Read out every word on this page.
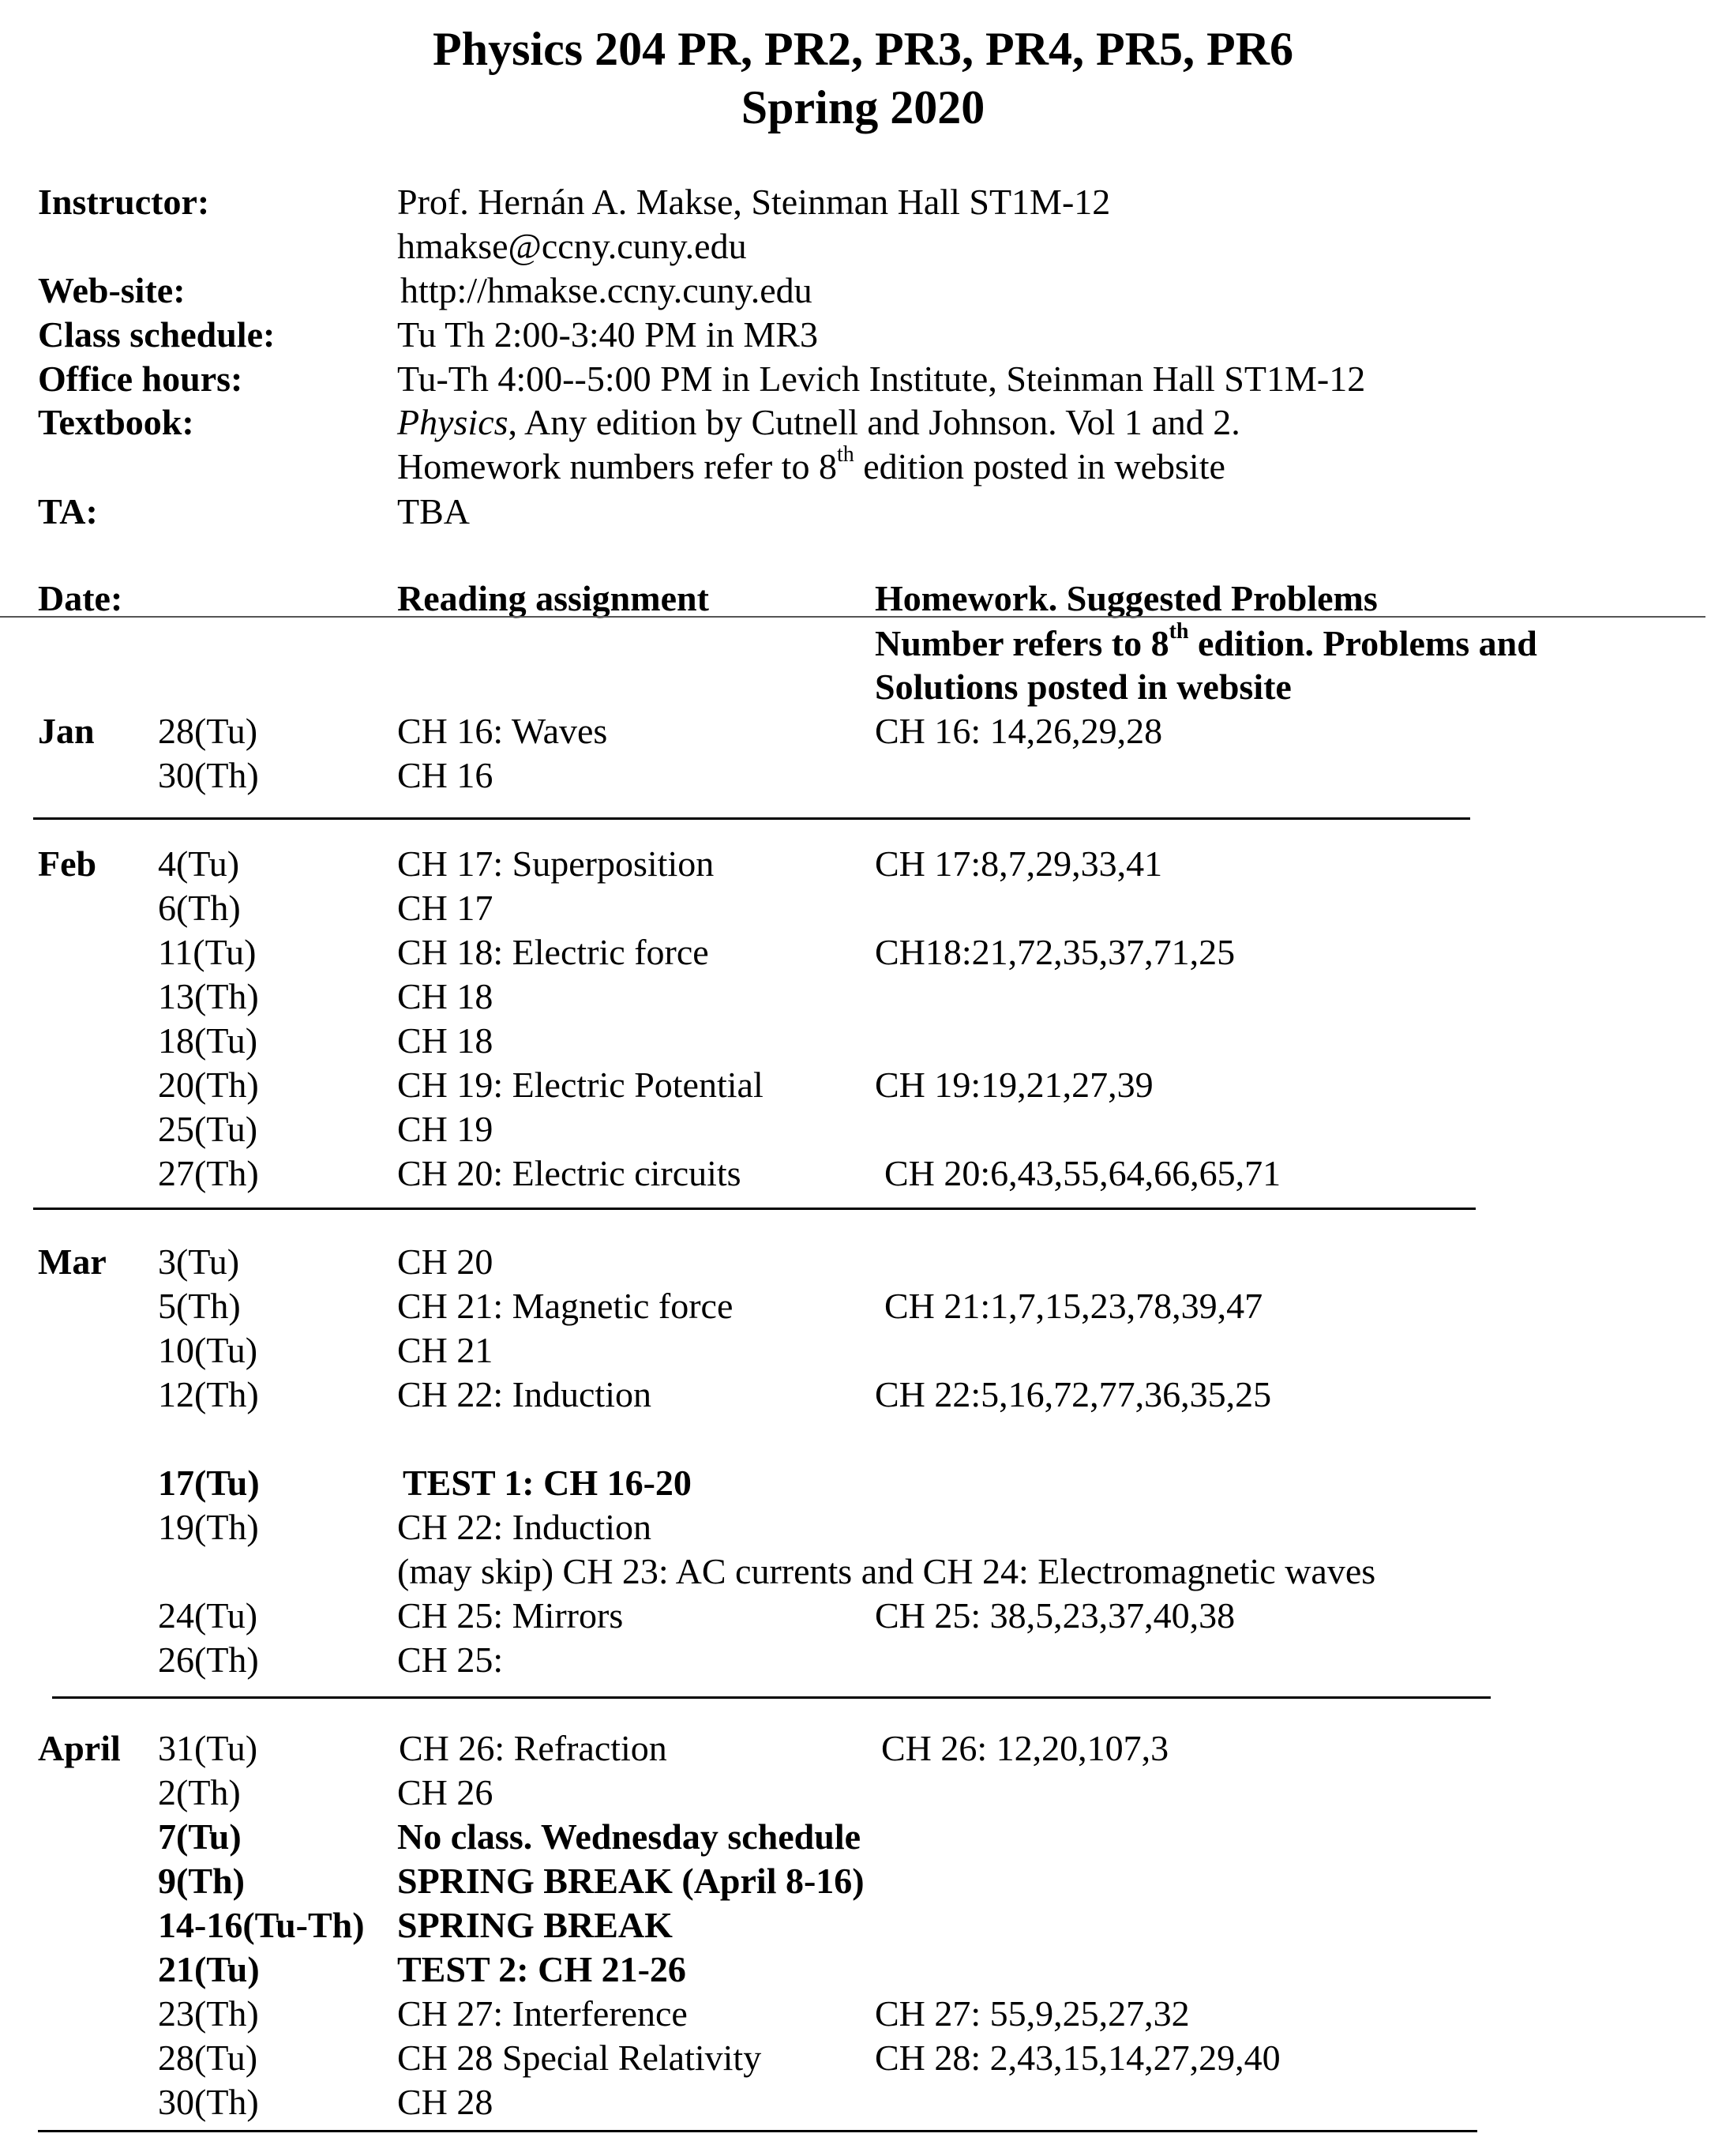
Physics 204 PR, PR2, PR3, PR4, PR5, PR6
Spring 2020
Instructor:	Prof. Hernán A. Makse, Steinman Hall ST1M-12
hmakse@ccny.cuny.edu
Web-site:	http://hmakse.ccny.cuny.edu
Class schedule:	Tu Th 2:00-3:40 PM in MR3
Office hours:	Tu-Th 4:00--5:00 PM in Levich Institute, Steinman Hall ST1M-12
Textbook:	Physics, Any edition by Cutnell and Johnson. Vol 1 and 2.
Homework numbers refer to 8th edition posted in website
TA:	TBA
Date:	Reading assignment	Homework. Suggested Problems
Number refers to 8th edition. Problems and
Solutions posted in website
Jan 28(Tu)	CH 16: Waves	CH 16: 14,26,29,28
30(Th)	CH 16
Feb 4(Tu)	CH 17: Superposition	CH 17:8,7,29,33,41
6(Th)	CH 17
11(Tu)	CH 18: Electric force	CH18:21,72,35,37,71,25
13(Th)	CH 18
18(Tu)	CH 18
20(Th)	CH 19: Electric Potential	CH 19:19,21,27,39
25(Tu)	CH 19
27(Th)	CH 20: Electric circuits	CH 20:6,43,55,64,66,65,71
Mar 3(Tu)	CH 20
5(Th)	CH 21: Magnetic force	CH 21:1,7,15,23,78,39,47
10(Tu)	CH 21
12(Th)	CH 22: Induction	CH 22:5,16,72,77,36,35,25
17(Tu)	TEST 1: CH 16-20
19(Th)	CH 22: Induction
(may skip) CH 23: AC currents and CH 24: Electromagnetic waves
24(Tu)	CH 25: Mirrors	CH 25: 38,5,23,37,40,38
26(Th)	CH 25:
April 31(Tu)	CH 26: Refraction	CH 26: 12,20,107,3
2(Th)	CH 26
7(Tu)	No class. Wednesday schedule
9(Th)	SPRING BREAK (April 8-16)
14-16(Tu-Th) SPRING BREAK
21(Tu)	TEST 2: CH 21-26
23(Th)	CH 27: Interference	CH 27: 55,9,25,27,32
28(Tu)	CH 28 Special Relativity	CH 28: 2,43,15,14,27,29,40
30(Th)	CH 28
